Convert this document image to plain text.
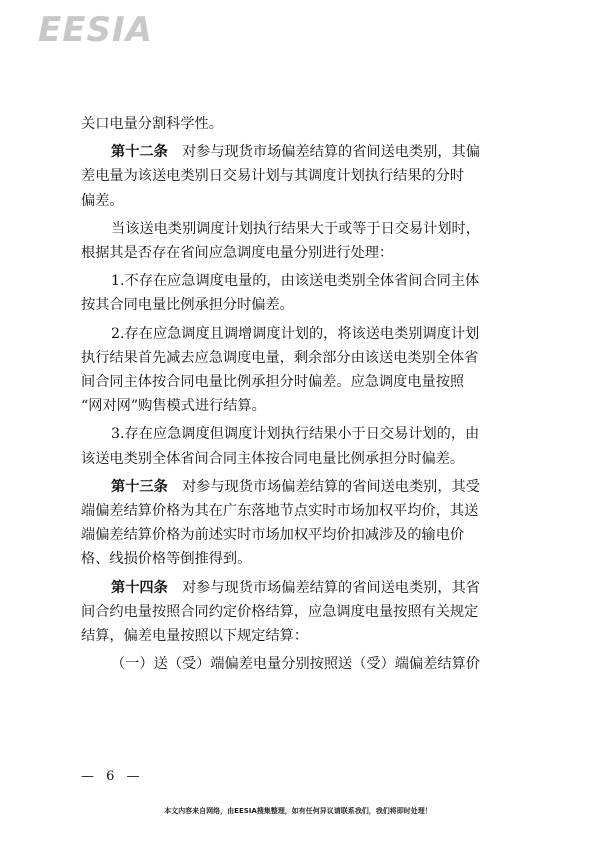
EESIA

关口电量分割科学性。

第十二条　 对参与现货市场偏差结算的省间送电类别，其偏

差电量为该送电类别日交易计划与其调度计划执行结果的分时

偏差。

当该送电类别调度计划执行结果大于或等于日交易计划时，

根据其是否存在省间应急调度电量分别进行处理：

1.不存在应急调度电量的，由该送电类别全体省间合同主体

按其合同电量比例承担分时偏差。

2.存在应急调度且调增调度计划的，将该送电类别调度计划

执行结果首先减去应急调度电量，剩余部分由该送电类别全体省

间合同主体按合同电量比例承担分时偏差。应急调度电量按照

“网对网”购售模式进行结算。

3.存在应急调度但调度计划执行结果小于日交易计划的，由

该送电类别全体省间合同主体按合同电量比例承担分时偏差。

第十三条　 对参与现货市场偏差结算的省间送电类别，其受

端偏差结算价格为其在广东落地节点实时市场加权平均价，其送

端偏差结算价格为前述实时市场加权平均价扣减涉及的输电价

格、线损价格等倒推得到。

第十四条　 对参与现货市场偏差结算的省间送电类别，其省

间合约电量按照合同约定价格结算，应急调度电量按照有关规定

结算，偏差电量按照以下规定结算：

（一）送（受）端偏差电量分别按照送（受）端偏差结算价

— 6 —
本文内容来自网络，由EESIA搜集整理，如有任何异议请联系我们，我们将即时处理！
